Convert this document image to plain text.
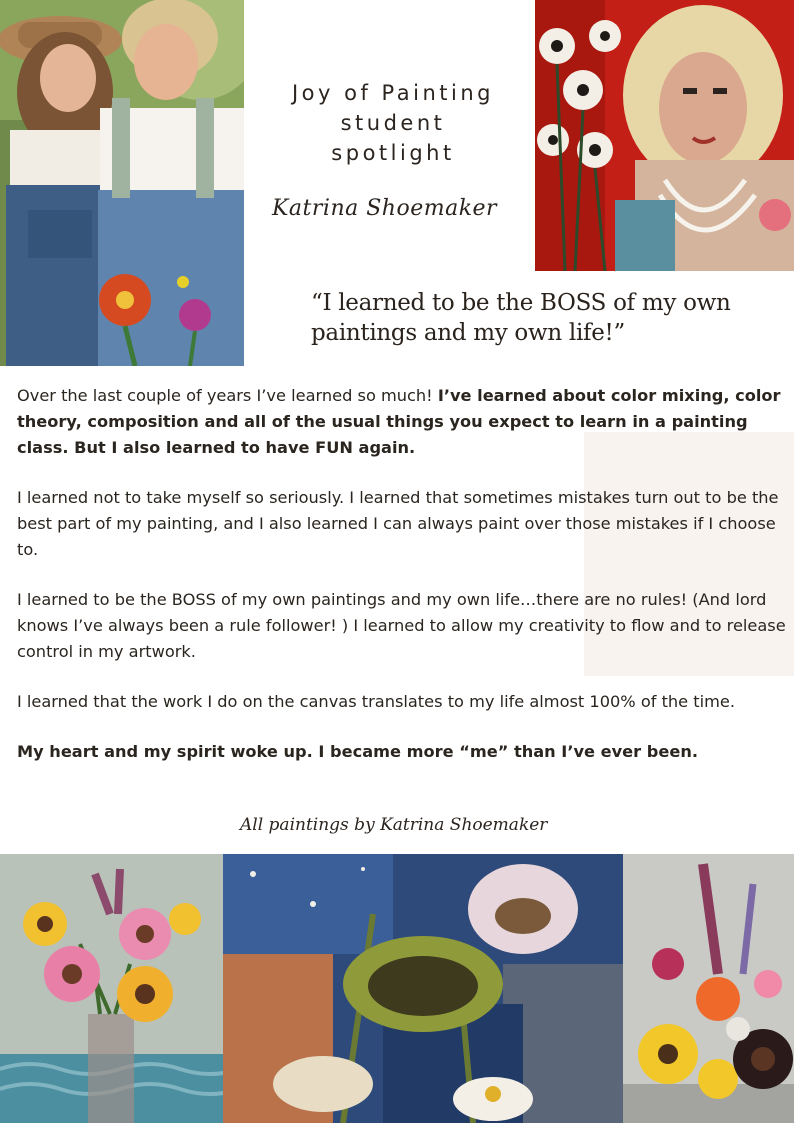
Joy of Painting
student
spotlight
Katrina Shoemaker
“I learned to be the BOSS of my own paintings and my own life!”

Over the last couple of years I’ve learned so much! I’ve learned about color mixing, color theory, composition and all of the usual things you expect to learn in a painting class. But I also learned to have FUN again.

I learned not to take myself so seriously. I learned that sometimes mistakes turn out to be the best part of my painting, and I also learned I can always paint over those mistakes if I choose to.

I learned to be the BOSS of my own paintings and my own life…there are no rules! (And lord knows I’ve always been a rule follower! ) I learned to allow my creativity to flow and to release control in my artwork.

I learned that the work I do on the canvas translates to my life almost 100% of the time.

My heart and my spirit woke up. I became more “me” than I’ve ever been.

All paintings by Katrina Shoemaker
